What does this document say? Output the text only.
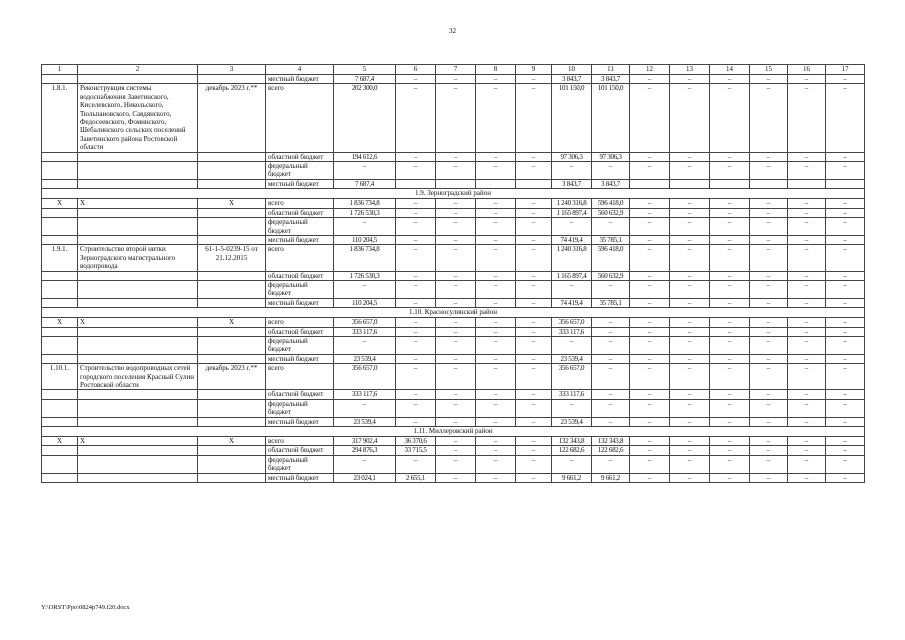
32
1	2	3	4	5	6	7	8	9	10	11	12	13	14	15	16	17
			местный бюджет	7 687,4	–	–	–	–	3 843,7	3 843,7	–	–	–	–	–	–
1.8.1.	Реконструкция системы водоснабжения Заветинского, Киселевского, Никольского, Тюльпановского, Савдянского, Федосеевского, Фоминского, Шебалинского сельских поселений Заветинского района Ростовской области	декабрь 2023 г.**	всего	202 300,0	–	–	–	–	101 150,0	101 150,0	–	–	–	–	–	–
			областной бюджет	194 612,6	–	–	–	–	97 306,3	97 306,3	–	–	–	–	–	–
			федеральный бюджет	–	–	–	–	–	–	–	–	–	–	–	–	–
			местный бюджет	7 687,4					3 843,7	3 843,7						
1.9. Зерноградский район																
X	X	X	всего	1 836 734,8	–	–	–	–	1 240 316,8	596 418,0	–	–	–	–	–	–
			областной бюджет	1 726 530,3	–	–	–	–	1 165 897,4	560 632,9	–	–	–	–	–	–
			федеральный бюджет	–	–	–	–	–	–	–	–	–	–	–	–	–
			местный бюджет	110 204,5	–	–	–	–	74 419,4	35 785,1	–	–	–	–	–	–
1.9.1.	Строительство второй нитки Зерноградского магистрального водопровода	61-1-5-0239-15 от 21.12.2015	всего	1 836 734,8	–	–	–	–	1 240 316,8	596 418,0	–	–	–	–	–	–
			областной бюджет	1 726 530,3	–	–	–	–	1 165 897,4	560 632,9	–	–	–	–	–	–
			федеральный бюджет	–	–	–	–	–	–	–	–	–	–	–	–	–
			местный бюджет	110 204,5	–	–	–	–	74 419,4	35 785,1	–	–	–	–	–	–
1.10. Красносулинский район																
X	X	X	всего	356 657,0	–	–	–	–	356 657,0	–	–	–	–	–	–	–
			областной бюджет	333 117,6	–	–	–	–	333 117,6	–	–	–	–	–	–	–
			федеральный бюджет	–	–	–	–	–	–	–	–	–	–	–	–	–
			местный бюджет	23 539,4	–	–	–	–	23 539,4	–	–	–	–	–	–	–
1.10.1.	Строительство водопроводных сетей городского поселения Красный Сулин Ростовской области	декабрь 2023 г.**	всего	356 657,0	–	–	–	–	356 657,0	–	–	–	–	–	–	–
			областной бюджет	333 117,6	–	–	–	–	333 117,6	–	–	–	–	–	–	–
			федеральный бюджет	–	–	–	–	–	–	–	–	–	–	–	–	–
			местный бюджет	23 539,4	–	–	–	–	23 539,4	–	–	–	–	–	–	–
1.11. Миллеровский район																
X	X	X	всего	317 902,4	36 370,6	–	–	–	132 343,8	132 343,8	–	–	–	–	–	–
			областной бюджет	294 876,3	33 715,5	–	–	–	122 682,6	122 682,6	–	–	–	–	–	–
			федеральный бюджет	–	–	–	–	–	–	–	–	–	–	–	–	–
			местный бюджет	23 024,1	2 655,1	–	–	–	9 661,2	9 661,2	–	–	–	–	–	–
Y:\ORST\Ppo\0824p749.f20.docx
